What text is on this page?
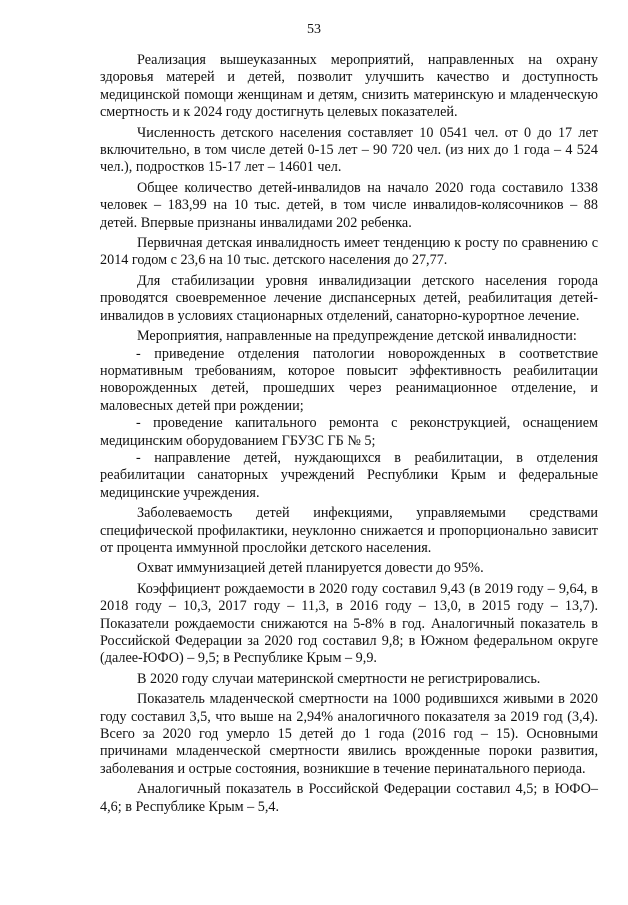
53

Реализация вышеуказанных мероприятий, направленных на охрану здоровья матерей и детей, позволит улучшить качество и доступность медицинской помощи женщинам и детям, снизить материнскую и младенческую смертность и к 2024 году достигнуть целевых показателей.

Численность детского населения составляет 10 0541 чел. от 0 до 17 лет включительно, в том числе детей 0-15 лет – 90 720 чел. (из них до 1 года – 4 524 чел.), подростков 15-17 лет – 14601 чел.

Общее количество детей-инвалидов на начало 2020 года составило 1338 человек – 183,99 на 10 тыс. детей, в том числе инвалидов-колясочников – 88 детей. Впервые признаны инвалидами 202 ребенка.

Первичная детская инвалидность имеет тенденцию к росту по сравнению с 2014 годом с 23,6 на 10 тыс. детского населения до 27,77.

Для стабилизации уровня инвалидизации детского населения города проводятся своевременное лечение диспансерных детей, реабилитация детей-инвалидов в условиях стационарных отделений, санаторно-курортное лечение.

Мероприятия, направленные на предупреждение детской инвалидности:

- приведение отделения патологии новорожденных в соответствие нормативным требованиям, которое повысит эффективность реабилитации новорожденных детей, прошедших через реанимационное отделение, и маловесных детей при рождении;

- проведение капитального ремонта с реконструкцией, оснащением медицинским оборудованием ГБУЗС ГБ № 5;

- направление детей, нуждающихся в реабилитации, в отделения реабилитации санаторных учреждений Республики Крым и федеральные медицинские учреждения.

Заболеваемость детей инфекциями, управляемыми средствами специфической профилактики, неуклонно снижается и пропорционально зависит от процента иммунной прослойки детского населения.

Охват иммунизацией детей планируется довести до 95%.

Коэффициент рождаемости в 2020 году составил 9,43 (в 2019 году – 9,64, в 2018 году – 10,3, 2017 году – 11,3, в 2016 году – 13,0, в 2015 году – 13,7). Показатели рождаемости снижаются на 5-8% в год. Аналогичный показатель в Российской Федерации за 2020 год составил 9,8; в Южном федеральном округе (далее-ЮФО) – 9,5; в Республике Крым – 9,9.

В 2020 году случаи материнской смертности не регистрировались.

Показатель младенческой смертности на 1000 родившихся живыми в 2020 году составил 3,5, что выше на 2,94% аналогичного показателя за 2019 год (3,4). Всего за 2020 год умерло 15 детей до 1 года (2016 год – 15). Основными причинами младенческой смертности явились врожденные пороки развития, заболевания и острые состояния, возникшие в течение перинатального периода.

Аналогичный показатель в Российской Федерации составил 4,5; в ЮФО–4,6; в Республике Крым – 5,4.
